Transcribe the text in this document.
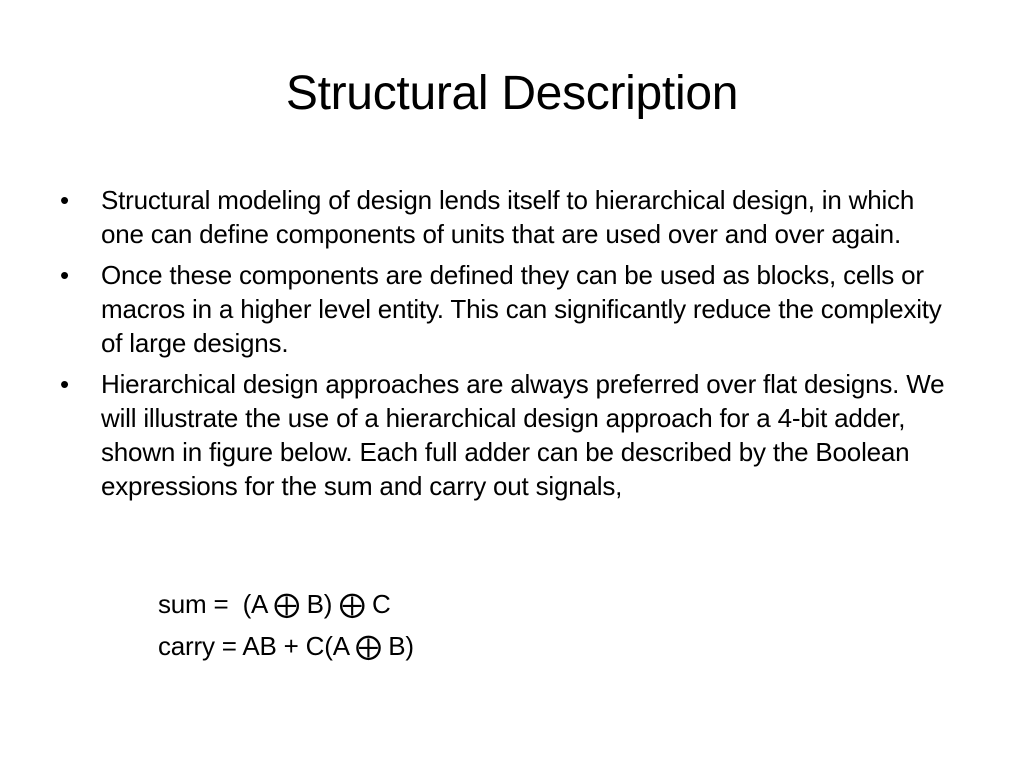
Structural Description
•	Structural modeling of design lends itself to hierarchical design, in which one can define components of units that are used over and over again.
•	Once these components are defined they can be used as blocks, cells or macros in a higher level entity. This can significantly reduce the complexity of large designs.
•	Hierarchical design approaches are always preferred over flat designs. We will illustrate the use of a hierarchical design approach for a 4-bit adder, shown in figure below. Each full adder can be described by the Boolean expressions for the sum and carry out signals,
sum =  (A ⨁ B) ⨁ C
carry = AB + C(A ⨁ B)
